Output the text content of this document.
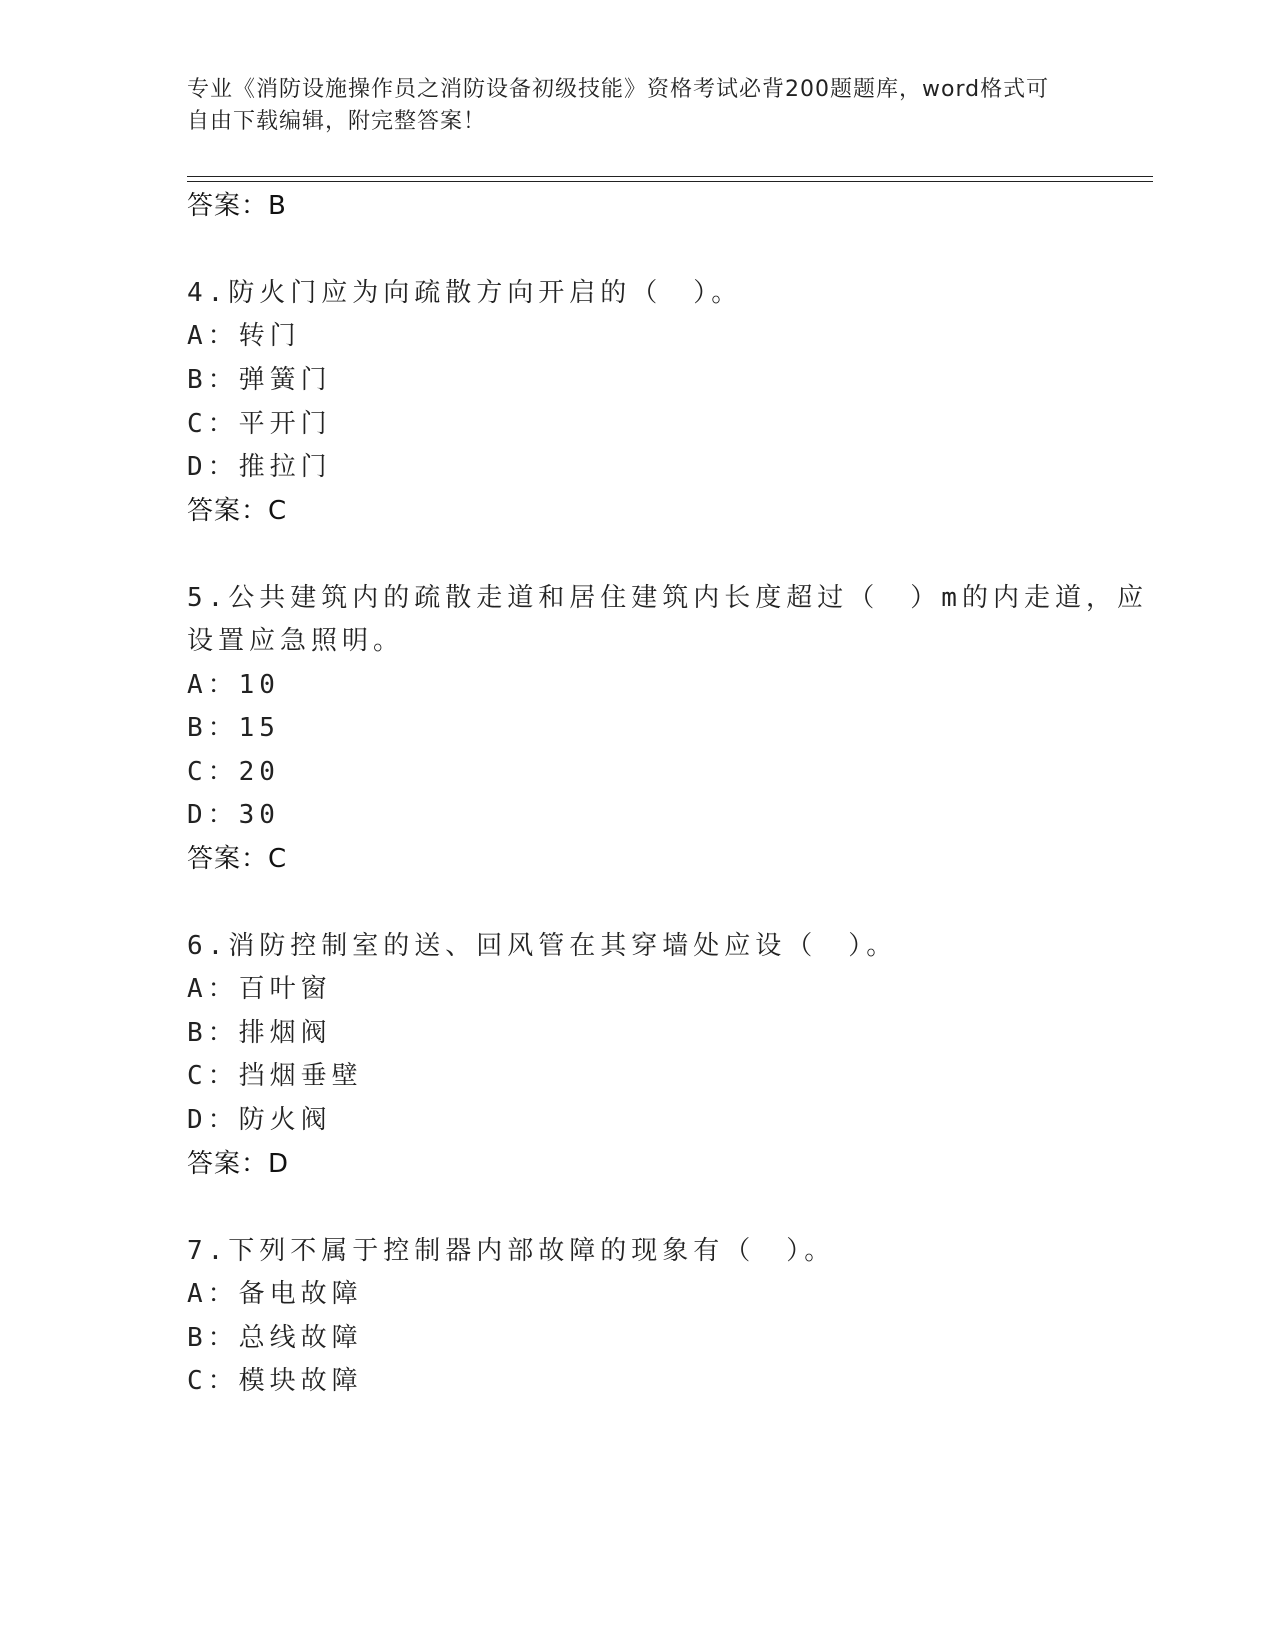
专业《消防设施操作员之消防设备初级技能》资格考试必背200题题库，word格式可自由下载编辑，附完整答案！
答案：B
4.防火门应为向疏散方向开启的（　）。
A：转门
B：弹簧门
C：平开门
D：推拉门
答案：C
5.公共建筑内的疏散走道和居住建筑内长度超过（　）m的内走道，应
设置应急照明。
A：10
B：15
C：20
D：30
答案：C
6.消防控制室的送、回风管在其穿墙处应设（　）。
A：百叶窗
B：排烟阀
C：挡烟垂壁
D：防火阀
答案：D
7.下列不属于控制器内部故障的现象有（　）。
A：备电故障
B：总线故障
C：模块故障
